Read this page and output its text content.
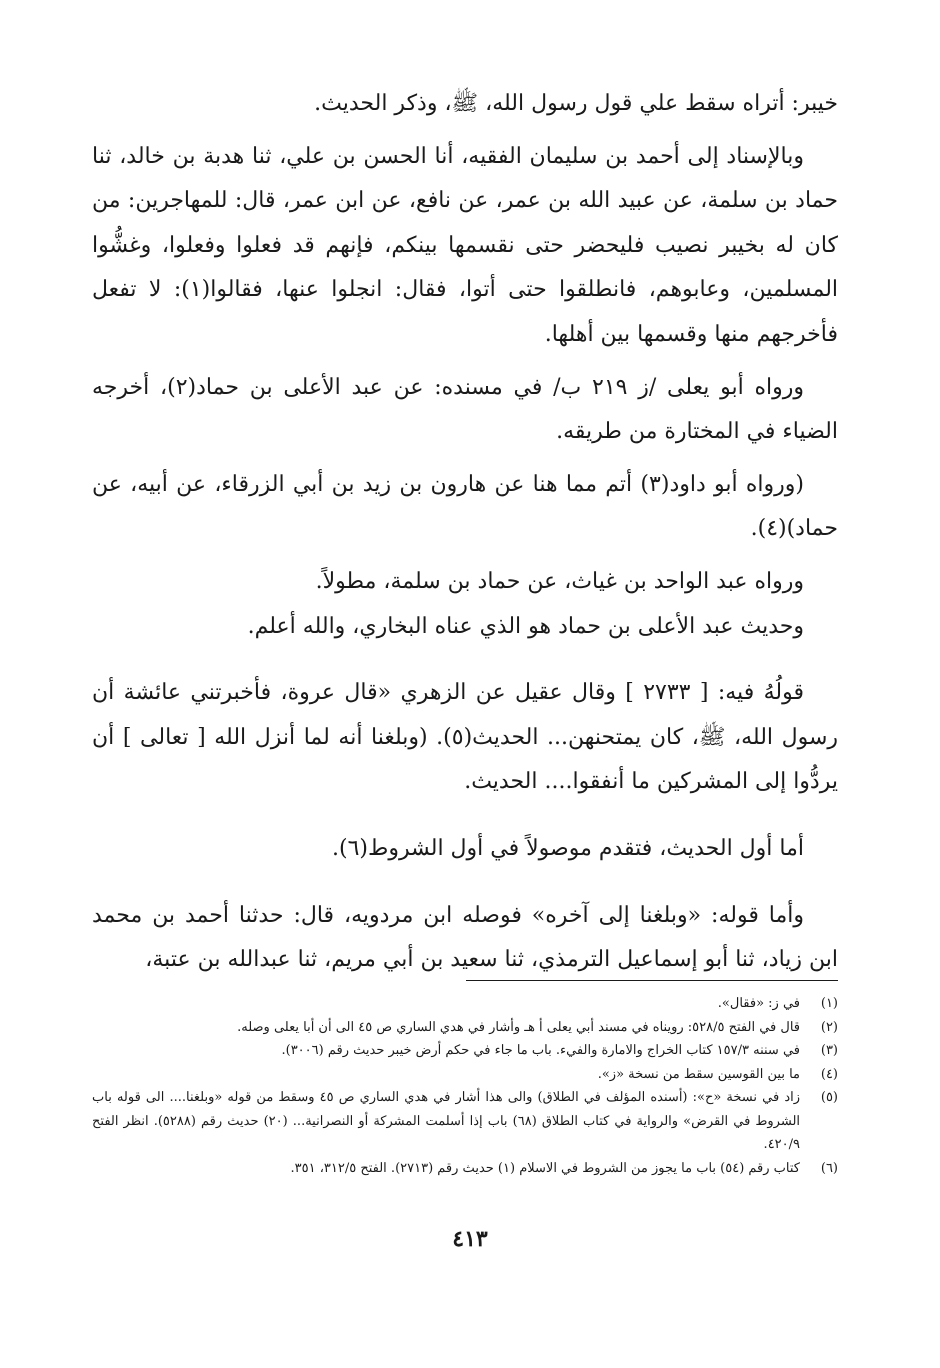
خيبر: أتراه سقط علي قول رسول الله، ﷺ، وذكر الحديث.

وبالإسناد إلى أحمد بن سليمان الفقيه، أنا الحسن بن علي، ثنا هدبة بن خالد، ثنا حماد بن سلمة، عن عبيد الله بن عمر، عن نافع، عن ابن عمر، قال: للمهاجرين: من كان له بخيبر نصيب فليحضر حتى نقسمها بينكم، فإنهم قد فعلوا وفعلوا، وغشُّوا المسلمين، وعابوهم، فانطلقوا حتى أتوا، فقال: انجلوا عنها، فقالوا(١): لا تفعل فأخرجهم منها وقسمها بين أهلها.

ورواه أبو يعلى /ز ٢١٩ ب/ في مسنده: عن عبد الأعلى بن حماد(٢)، أخرجه الضياء في المختارة من طريقه.

(ورواه أبو داود(٣) أتم مما هنا عن هارون بن زيد بن أبي الزرقاء، عن أبيه، عن حماد)(٤).

ورواه عبد الواحد بن غياث، عن حماد بن سلمة، مطولاً.

وحديث عبد الأعلى بن حماد هو الذي عناه البخاري، والله أعلم.

قولُهُ فيه: [ ٢٧٣٣ ] وقال عقيل عن الزهري «قال عروة، فأخبرتني عائشة أن رسول الله، ﷺ، كان يمتحنهن... الحديث(٥). (وبلغنا أنه لما أنزل الله [ تعالى ] أن يردُّوا إلى المشركين ما أنفقوا.... الحديث.

أما أول الحديث، فتقدم موصولاً في أول الشروط(٦).

وأما قوله: «وبلغنا إلى آخره» فوصله ابن مردويه، قال: حدثنا أحمد بن محمد ابن زياد، ثنا أبو إسماعيل الترمذي، ثنا سعيد بن أبي مريم، ثنا عبدالله بن عتبة،

(١)
في ز: «فقال».
(٢)
قال في الفتح ٥٢٨/٥: رويناه في مسند أبي يعلى أ هـ وأشار في هدي الساري ص ٤٥ الى أن أبا يعلى وصله.
(٣)
في سننه ١٥٧/٣ كتاب الخراج والامارة والفيء. باب ما جاء في حكم أرض خيبر حديث رقم (٣٠٠٦).
(٤)
ما بين القوسين سقط من نسخة «ز».
(٥)
زاد في نسخة «ح»: (أسنده المؤلف في الطلاق) والى هذا أشار في هدي الساري ص ٤٥ وسقط من قوله «وبلغنا.... الى قوله باب الشروط في القرض» والرواية في كتاب الطلاق (٦٨) باب إذا أسلمت المشركة أو النصرانية... (٢٠) حديث رقم (٥٢٨٨). انظر الفتح ٤٢٠/٩.
(٦)
كتاب رقم (٥٤) باب ما يجوز من الشروط في الاسلام (١) حديث رقم (٢٧١٣). الفتح ٣١٢/٥، ٣٥١.
٤١٣
